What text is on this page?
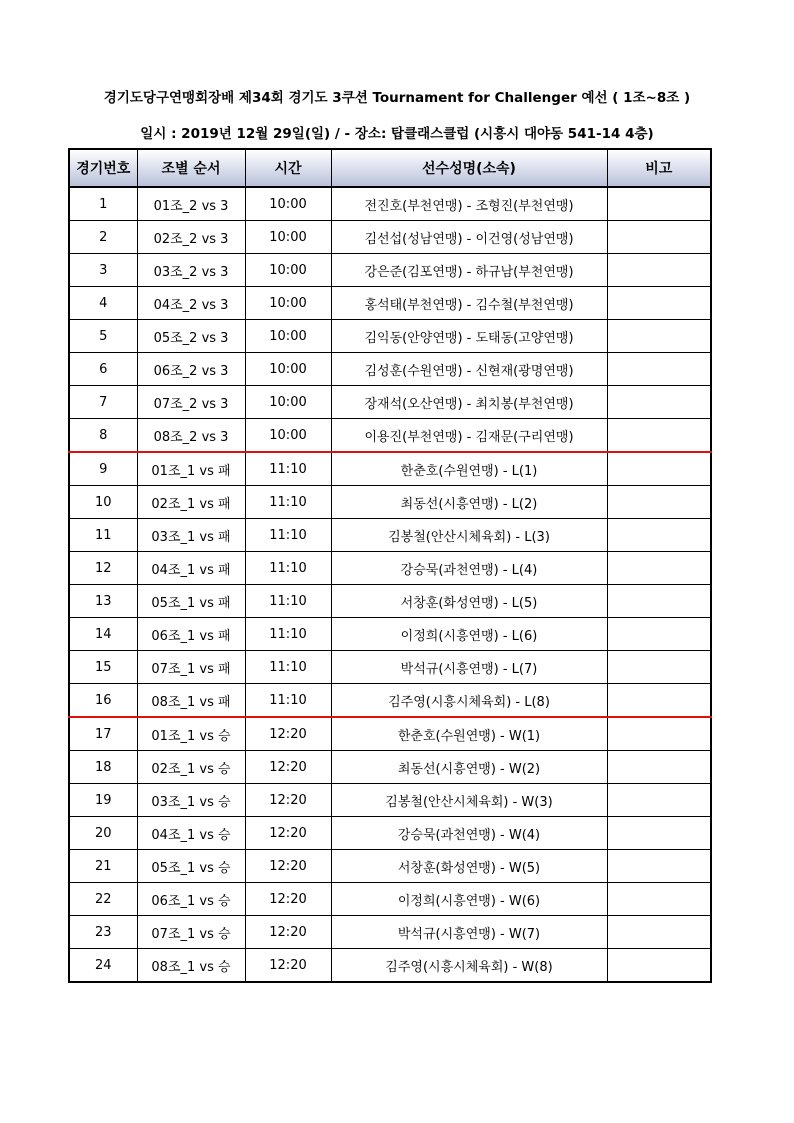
경기도당구연맹회장배 제34회 경기도 3쿠션 Tournament for Challenger 예선 ( 1조~8조 )
일시 : 2019년 12월 29일(일) / - 장소: 탑클래스클럽 (시흥시 대야동 541-14 4층)
경기번호	조별 순서	시간	선수성명(소속)	비고
1	01조_2 vs 3	10:00	전진호(부천연맹) - 조형진(부천연맹)	
2	02조_2 vs 3	10:00	김선섭(성남연맹) - 이건영(성남연맹)	
3	03조_2 vs 3	10:00	강은준(김포연맹) - 하규남(부천연맹)	
4	04조_2 vs 3	10:00	홍석태(부천연맹) - 김수철(부천연맹)	
5	05조_2 vs 3	10:00	김익동(안양연맹) - 도태동(고양연맹)	
6	06조_2 vs 3	10:00	김성훈(수원연맹) - 신현재(광명연맹)	
7	07조_2 vs 3	10:00	장재석(오산연맹) - 최치봉(부천연맹)	
8	08조_2 vs 3	10:00	이용진(부천연맹) - 김재문(구리연맹)	
9	01조_1 vs 패	11:10	한춘호(수원연맹) - L(1)	
10	02조_1 vs 패	11:10	최동선(시흥연맹) - L(2)	
11	03조_1 vs 패	11:10	김봉철(안산시체육회) - L(3)	
12	04조_1 vs 패	11:10	강승묵(과천연맹) - L(4)	
13	05조_1 vs 패	11:10	서창훈(화성연맹) - L(5)	
14	06조_1 vs 패	11:10	이정희(시흥연맹) - L(6)	
15	07조_1 vs 패	11:10	박석규(시흥연맹) - L(7)	
16	08조_1 vs 패	11:10	김주영(시흥시체육회) - L(8)	
17	01조_1 vs 승	12:20	한춘호(수원연맹) - W(1)	
18	02조_1 vs 승	12:20	최동선(시흥연맹) - W(2)	
19	03조_1 vs 승	12:20	김봉철(안산시체육회) - W(3)	
20	04조_1 vs 승	12:20	강승묵(과천연맹) - W(4)	
21	05조_1 vs 승	12:20	서창훈(화성연맹) - W(5)	
22	06조_1 vs 승	12:20	이정희(시흥연맹) - W(6)	
23	07조_1 vs 승	12:20	박석규(시흥연맹) - W(7)	
24	08조_1 vs 승	12:20	김주영(시흥시체육회) - W(8)	
